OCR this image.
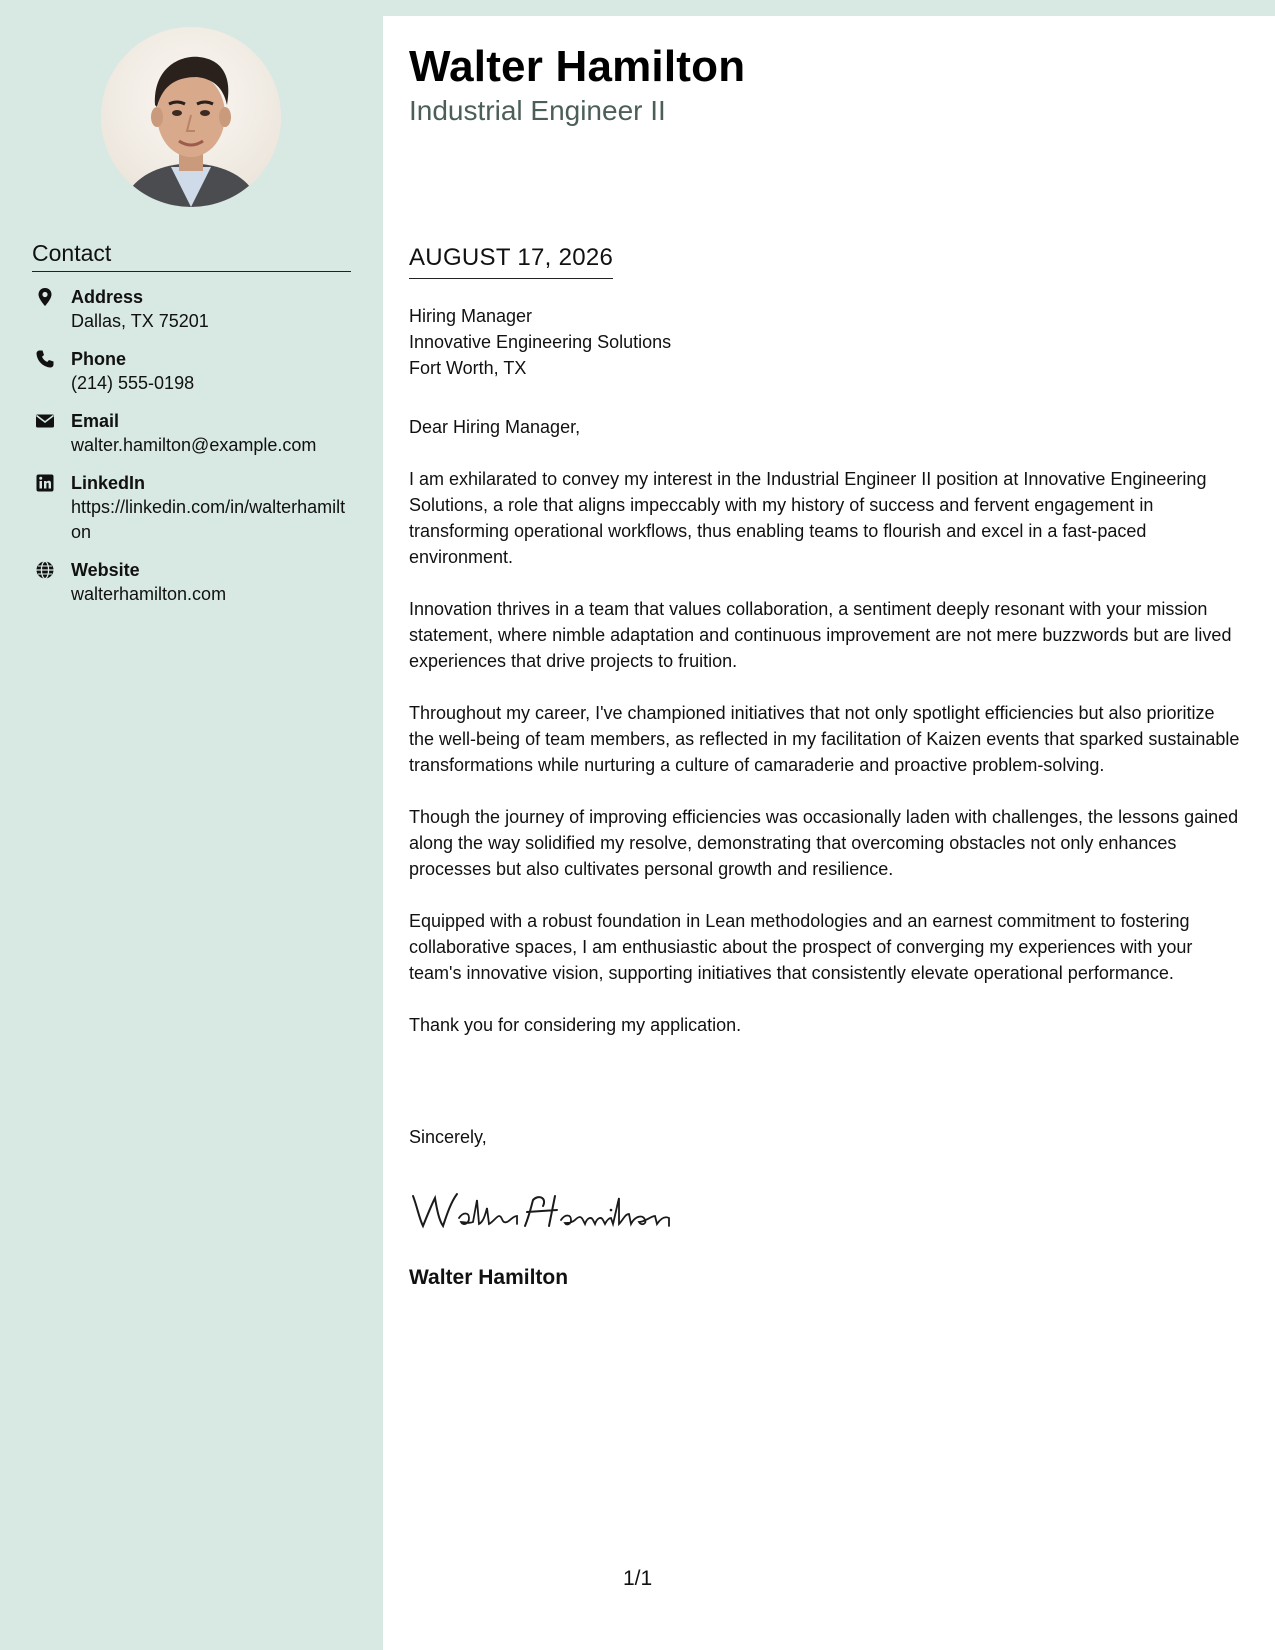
Contact
Address
Dallas, TX 75201
Phone
(214) 555-0198
Email
walter.hamilton@example.com
LinkedIn
https://linkedin.com/in/walterhamilton
Website
walterhamilton.com
Walter Hamilton
Industrial Engineer II
AUGUST 17, 2026
Hiring Manager
Innovative Engineering Solutions
Fort Worth, TX
Dear Hiring Manager,

I am exhilarated to convey my interest in the Industrial Engineer II position at Innovative Engineering Solutions, a role that aligns impeccably with my history of success and fervent engagement in transforming operational workflows, thus enabling teams to flourish and excel in a fast-paced environment.

Innovation thrives in a team that values collaboration, a sentiment deeply resonant with your mission statement, where nimble adaptation and continuous improvement are not mere buzzwords but are lived experiences that drive projects to fruition.

Throughout my career, I've championed initiatives that not only spotlight efficiencies but also prioritize the well-being of team members, as reflected in my facilitation of Kaizen events that sparked sustainable transformations while nurturing a culture of camaraderie and proactive problem-solving.

Though the journey of improving efficiencies was occasionally laden with challenges, the lessons gained along the way solidified my resolve, demonstrating that overcoming obstacles not only enhances processes but also cultivates personal growth and resilience.

Equipped with a robust foundation in Lean methodologies and an earnest commitment to fostering collaborative spaces, I am enthusiastic about the prospect of converging my experiences with your team's innovative vision, supporting initiatives that consistently elevate operational performance.

Thank you for considering my application.

Sincerely,
Walter Hamilton
1/1
